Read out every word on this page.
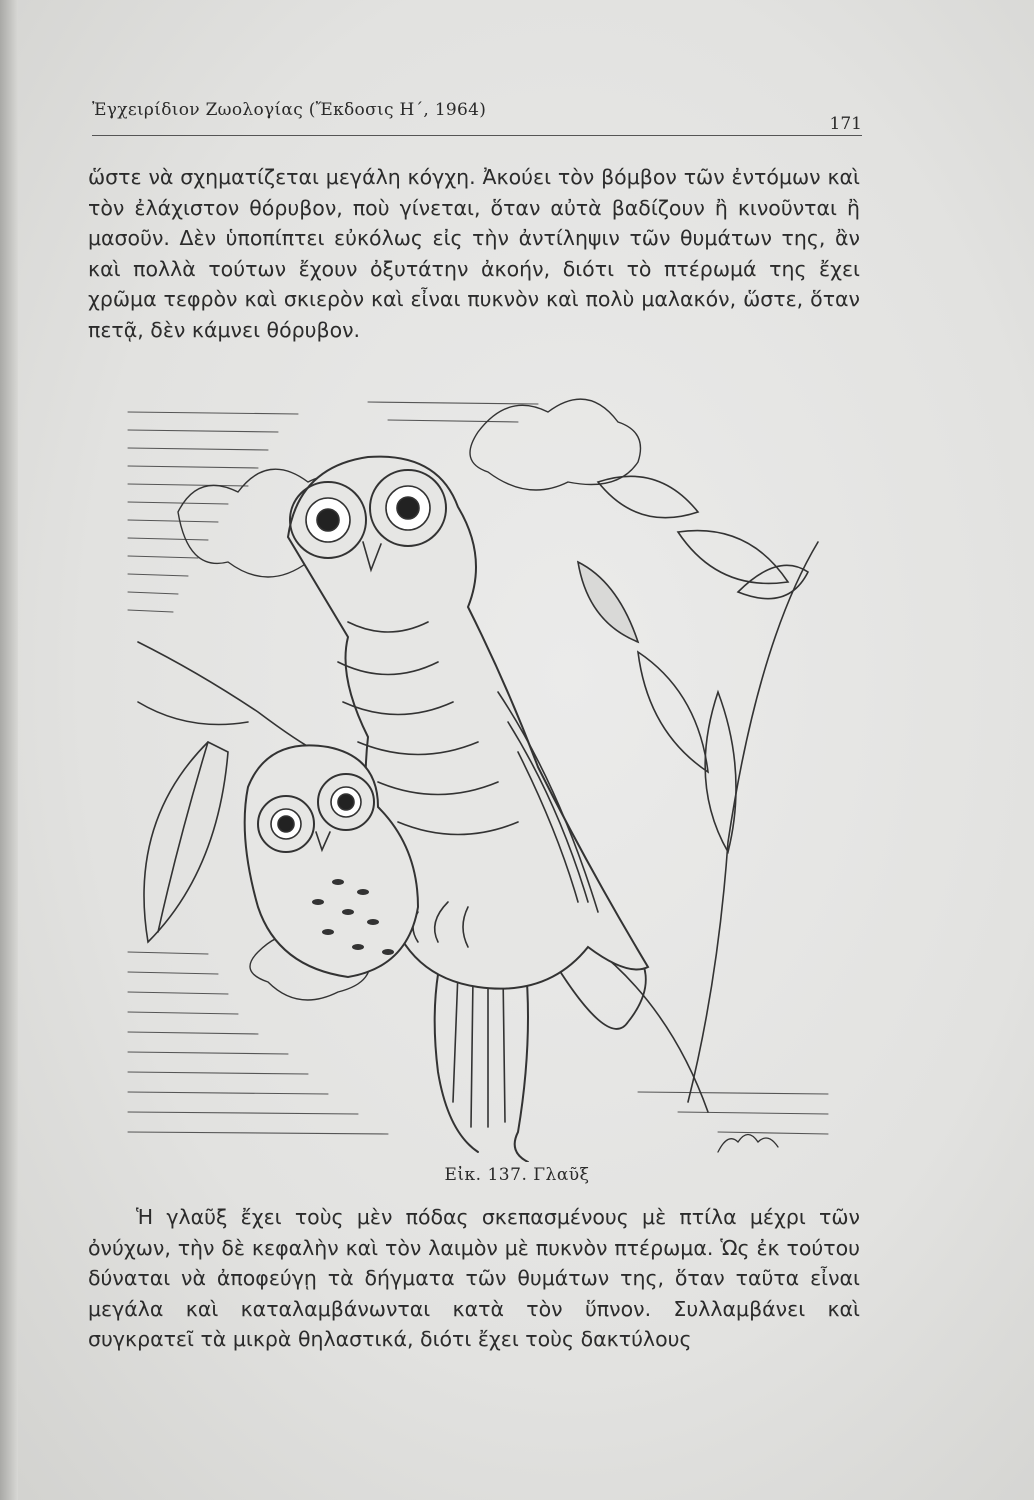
Ἐγχειρίδιον Ζωολογίας (Ἔκδοσις Η΄, 1964)
171

ὥστε νὰ σχηματίζεται μεγάλη κόγχη. Ἀκούει τὸν βόμβον τῶν ἐντόμων καὶ τὸν ἐλάχιστον θόρυβον, ποὺ γίνεται, ὅταν αὐτὰ βαδίζουν ἢ κινοῦνται ἢ μασοῦν. Δὲν ὑποπίπτει εὐκόλως εἰς τὴν ἀντίληψιν τῶν θυμάτων της, ἂν καὶ πολλὰ τούτων ἔχουν ὀξυτάτην ἀκοήν, διότι τὸ πτέρωμά της ἔχει χρῶμα τεφρὸν καὶ σκιερὸν καὶ εἶναι πυκνὸν καὶ πολὺ μαλακόν, ὥστε, ὅταν πετᾷ, δὲν κάμνει θόρυβον.

Εἰκ. 137. Γλαῦξ

Ἡ γλαῦξ ἔχει τοὺς μὲν πόδας σκεπασμένους μὲ πτίλα μέχρι τῶν ὀνύχων, τὴν δὲ κεφαλὴν καὶ τὸν λαιμὸν μὲ πυκνὸν πτέρωμα. Ὡς ἐκ τούτου δύναται νὰ ἀποφεύγῃ τὰ δήγματα τῶν θυμάτων της, ὅταν ταῦτα εἶναι μεγάλα καὶ καταλαμβάνωνται κατὰ τὸν ὕπνον. Συλλαμβάνει καὶ συγκρατεῖ τὰ μικρὰ θηλαστικά, διότι ἔχει τοὺς δακτύλους
